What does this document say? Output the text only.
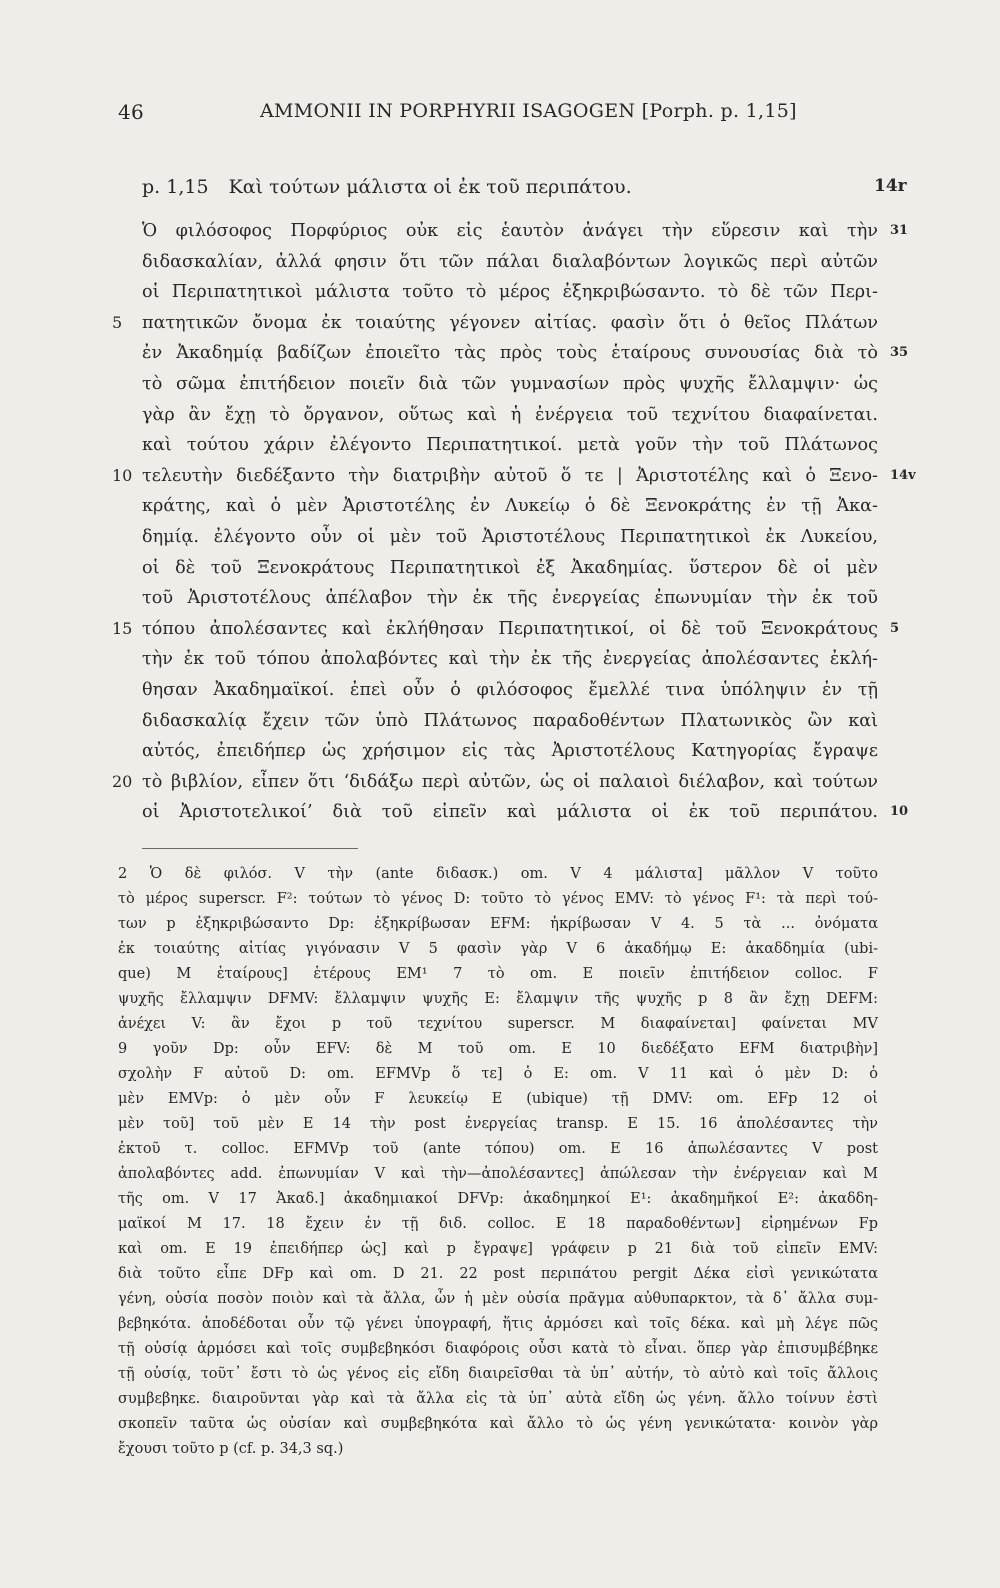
46	AMMONII IN PORPHYRII ISAGOGEN [Porph. p. 1,15]
p. 1,15 Καὶ τούτων μάλιστα οἱ ἐκ τοῦ περιπάτου.	14r
Ὁ φιλόσοφος Πορφύριος οὐκ εἰς ἑαυτὸν ἀνάγει τὴν εὕρεσιν καὶ τὴν 31
διδασκαλίαν, ἀλλά φησιν ὅτι τῶν πάλαι διαλαβόντων λογικῶς περὶ αὐτῶν
οἱ Περιπατητικοὶ μάλιστα τοῦτο τὸ μέρος ἐξηκριβώσαντο. τὸ δὲ τῶν Περι-
5 πατητικῶν ὄνομα ἐκ τοιαύτης γέγονεν αἰτίας. φασὶν ὅτι ὁ θεῖος Πλάτων
ἐν Ἀκαδημίᾳ βαδίζων ἐποιεῖτο τὰς πρὸς τοὺς ἑταίρους συνουσίας διὰ τὸ 35
τὸ σῶμα ἐπιτήδειον ποιεῖν διὰ τῶν γυμνασίων πρὸς ψυχῆς ἔλλαμψιν· ὡς
γὰρ ἂν ἔχῃ τὸ ὄργανον, οὕτως καὶ ἡ ἐνέργεια τοῦ τεχνίτου διαφαίνεται.
καὶ τούτου χάριν ἐλέγοντο Περιπατητικοί. μετὰ γοῦν τὴν τοῦ Πλάτωνος
10 τελευτὴν διεδέξαντο τὴν διατριβὴν αὐτοῦ ὅ τε | Ἀριστοτέλης καὶ ὁ Ξενο- 14v
κράτης, καὶ ὁ μὲν Ἀριστοτέλης ἐν Λυκείῳ ὁ δὲ Ξενοκράτης ἐν τῇ Ἀκα-
δημίᾳ. ἐλέγοντο οὖν οἱ μὲν τοῦ Ἀριστοτέλους Περιπατητικοὶ ἐκ Λυκείου,
οἱ δὲ τοῦ Ξενοκράτους Περιπατητικοὶ ἐξ Ἀκαδημίας. ὕστερον δὲ οἱ μὲν
τοῦ Ἀριστοτέλους ἀπέλαβον τὴν ἐκ τῆς ἐνεργείας ἐπωνυμίαν τὴν ἐκ τοῦ
15 τόπου ἀπολέσαντες καὶ ἐκλήθησαν Περιπατητικοί, οἱ δὲ τοῦ Ξενοκράτους 5
τὴν ἐκ τοῦ τόπου ἀπολαβόντες καὶ τὴν ἐκ τῆς ἐνεργείας ἀπολέσαντες ἐκλή-
θησαν Ἀκαδημαϊκοί. ἐπεὶ οὖν ὁ φιλόσοφος ἔμελλέ τινα ὑπόληψιν ἐν τῇ
διδασκαλίᾳ ἔχειν τῶν ὑπὸ Πλάτωνος παραδοθέντων Πλατωνικὸς ὢν καὶ
αὐτός, ἐπειδήπερ ὡς χρήσιμον εἰς τὰς Ἀριστοτέλους Κατηγορίας ἔγραψε
20 τὸ βιβλίον, εἶπεν ὅτι ‘διδάξω περὶ αὐτῶν, ὡς οἱ παλαιοὶ διέλαβον, καὶ τούτων
οἱ Ἀριστοτελικοί’ διὰ τοῦ εἰπεῖν καὶ μάλιστα οἱ ἐκ τοῦ περιπάτου. 10
2 Ὁ δὲ φιλόσ. V τὴν (ante διδασκ.) om. V 4 μάλιστα] μᾶλλον V τοῦτο
τὸ μέρος superscr. F²: τούτων τὸ γένος D: τοῦτο τὸ γένος EMV: τὸ γένος F¹: τὰ περὶ τού-
των p ἐξηκριβώσαντο Dp: ἐξηκρίβωσαν EFM: ἠκρίβωσαν V 4. 5 τὰ ... ὀνόματα
ἐκ τοιαύτης αἰτίας γιγόνασιν V 5 φασὶν γὰρ V 6 ἀκαδήμῳ E: ἀκαδδημία (ubi-
que) M ἑταίρους] ἑτέρους EM¹ 7 τὸ om. E ποιεῖν ἐπιτήδειον colloc. F
ψυχῆς ἔλλαμψιν DFMV: ἔλλαμψιν ψυχῆς E: ἔλαμψιν τῆς ψυχῆς p 8 ἂν ἔχῃ DEFM:
ἀνέχει V: ἂν ἔχοι p τοῦ τεχνίτου superscr. M διαφαίνεται] φαίνεται MV
9 γοῦν Dp: οὖν EFV: δὲ M τοῦ om. E 10 διεδέξατο EFM διατριβὴν]
σχολὴν F αὐτοῦ D: om. EFMVp ὅ τε] ὁ E: om. V 11 καὶ ὁ μὲν D: ὁ
μὲν EMVp: ὁ μὲν οὖν F λευκείῳ E (ubique) τῇ DMV: om. EFp 12 οἱ
μὲν τοῦ] τοῦ μὲν E 14 τὴν post ἐνεργείας transp. E 15. 16 ἀπολέσαντες τὴν
ἐκτοῦ τ. colloc. EFMVp τοῦ (ante τόπου) om. E 16 ἀπωλέσαντες V post
ἀπολαβόντες add. ἐπωνυμίαν V καὶ τὴν—ἀπολέσαντες] ἀπώλεσαν τὴν ἐνέργειαν καὶ M
τῆς om. V 17 Ἀκαδ.] ἀκαδημιακοί DFVp: ἀκαδημηκοί E¹: ἀκαδημῆκοί E²: ἀκαδδη-
μαϊκοί M 17. 18 ἔχειν ἐν τῇ διδ. colloc. E 18 παραδοθέντων] εἰρημένων Fp
καὶ om. E 19 ἐπειδήπερ ὡς] καὶ p ἔγραψε] γράφειν p 21 διὰ τοῦ εἰπεῖν EMV:
διὰ τοῦτο εἶπε DFp καὶ om. D 21. 22 post περιπάτου pergit Δέκα εἰσὶ γενικώτατα
γένη, οὐσία ποσὸν ποιὸν καὶ τὰ ἄλλα, ὧν ἡ μὲν οὐσία πρᾶγμα αὐθυπαρκτον, τὰ δ᾽ ἄλλα συμ-
βεβηκότα. ἀποδέδοται οὖν τῷ γένει ὑπογραφή, ἥτις ἁρμόσει καὶ τοῖς δέκα. καὶ μὴ λέγε πῶς
τῇ οὐσίᾳ ἁρμόσει καὶ τοῖς συμβεβηκόσι διαφόροις οὖσι κατὰ τὸ εἶναι. ὅπερ γὰρ ἐπισυμβέβηκε
τῇ οὐσίᾳ, τοῦτ᾽ ἔστι τὸ ὡς γένος εἰς εἴδη διαιρεῖσθαι τὰ ὑπ᾽ αὐτήν, τὸ αὐτὸ καὶ τοῖς ἄλλοις
συμβεβηκε. διαιροῦνται γὰρ καὶ τὰ ἄλλα εἰς τὰ ὑπ᾽ αὐτὰ εἴδη ὡς γένη. ἄλλο τοίνυν ἐστὶ
σκοπεῖν ταῦτα ὡς οὐσίαν καὶ συμβεβηκότα καὶ ἄλλο τὸ ὡς γένη γενικώτατα· κοινὸν γὰρ
ἔχουσι τοῦτο p (cf. p. 34,3 sq.)
